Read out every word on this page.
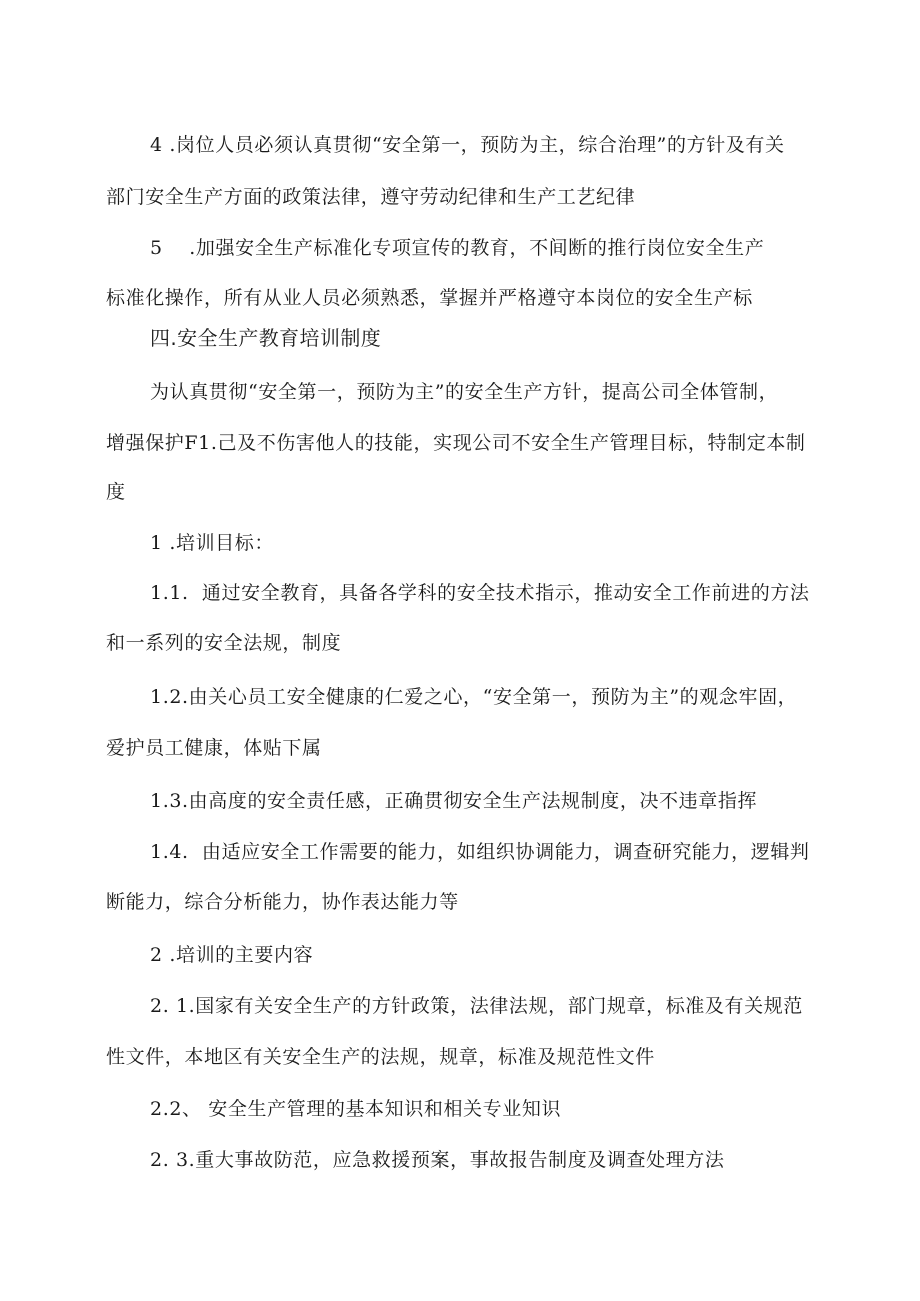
4 .岗位人员必须认真贯彻“安全第一，预防为主，综合治理”的方针及有关
部门安全生产方面的政策法律，遵守劳动纪律和生产工艺纪律
5    .加强安全生产标准化专项宣传的教育，不间断的推行岗位安全生产
标准化操作，所有从业人员必须熟悉，掌握并严格遵守本岗位的安全生产标
四.安全生产教育培训制度
为认真贯彻“安全第一，预防为主”的安全生产方针，提高公司全体管制，
增强保护F1.己及不伤害他人的技能，实现公司不安全生产管理目标，特制定本制
度
1 .培训目标：
1.1.  通过安全教育，具备各学科的安全技术指示，推动安全工作前进的方法
和一系列的安全法规，制度
1.2.由关心员工安全健康的仁爱之心，“安全第一，预防为主”的观念牢固，
爱护员工健康，体贴下属
1.3.由高度的安全责任感，正确贯彻安全生产法规制度，决不违章指挥
1.4.  由适应安全工作需要的能力，如组织协调能力，调查研究能力，逻辑判
断能力，综合分析能力，协作表达能力等
2 .培训的主要内容
2. 1.国家有关安全生产的方针政策，法律法规，部门规章，标准及有关规范
性文件，本地区有关安全生产的法规，规章，标准及规范性文件
2.2、 安全生产管理的基本知识和相关专业知识
2. 3.重大事故防范，应急救援预案，事故报告制度及调查处理方法
